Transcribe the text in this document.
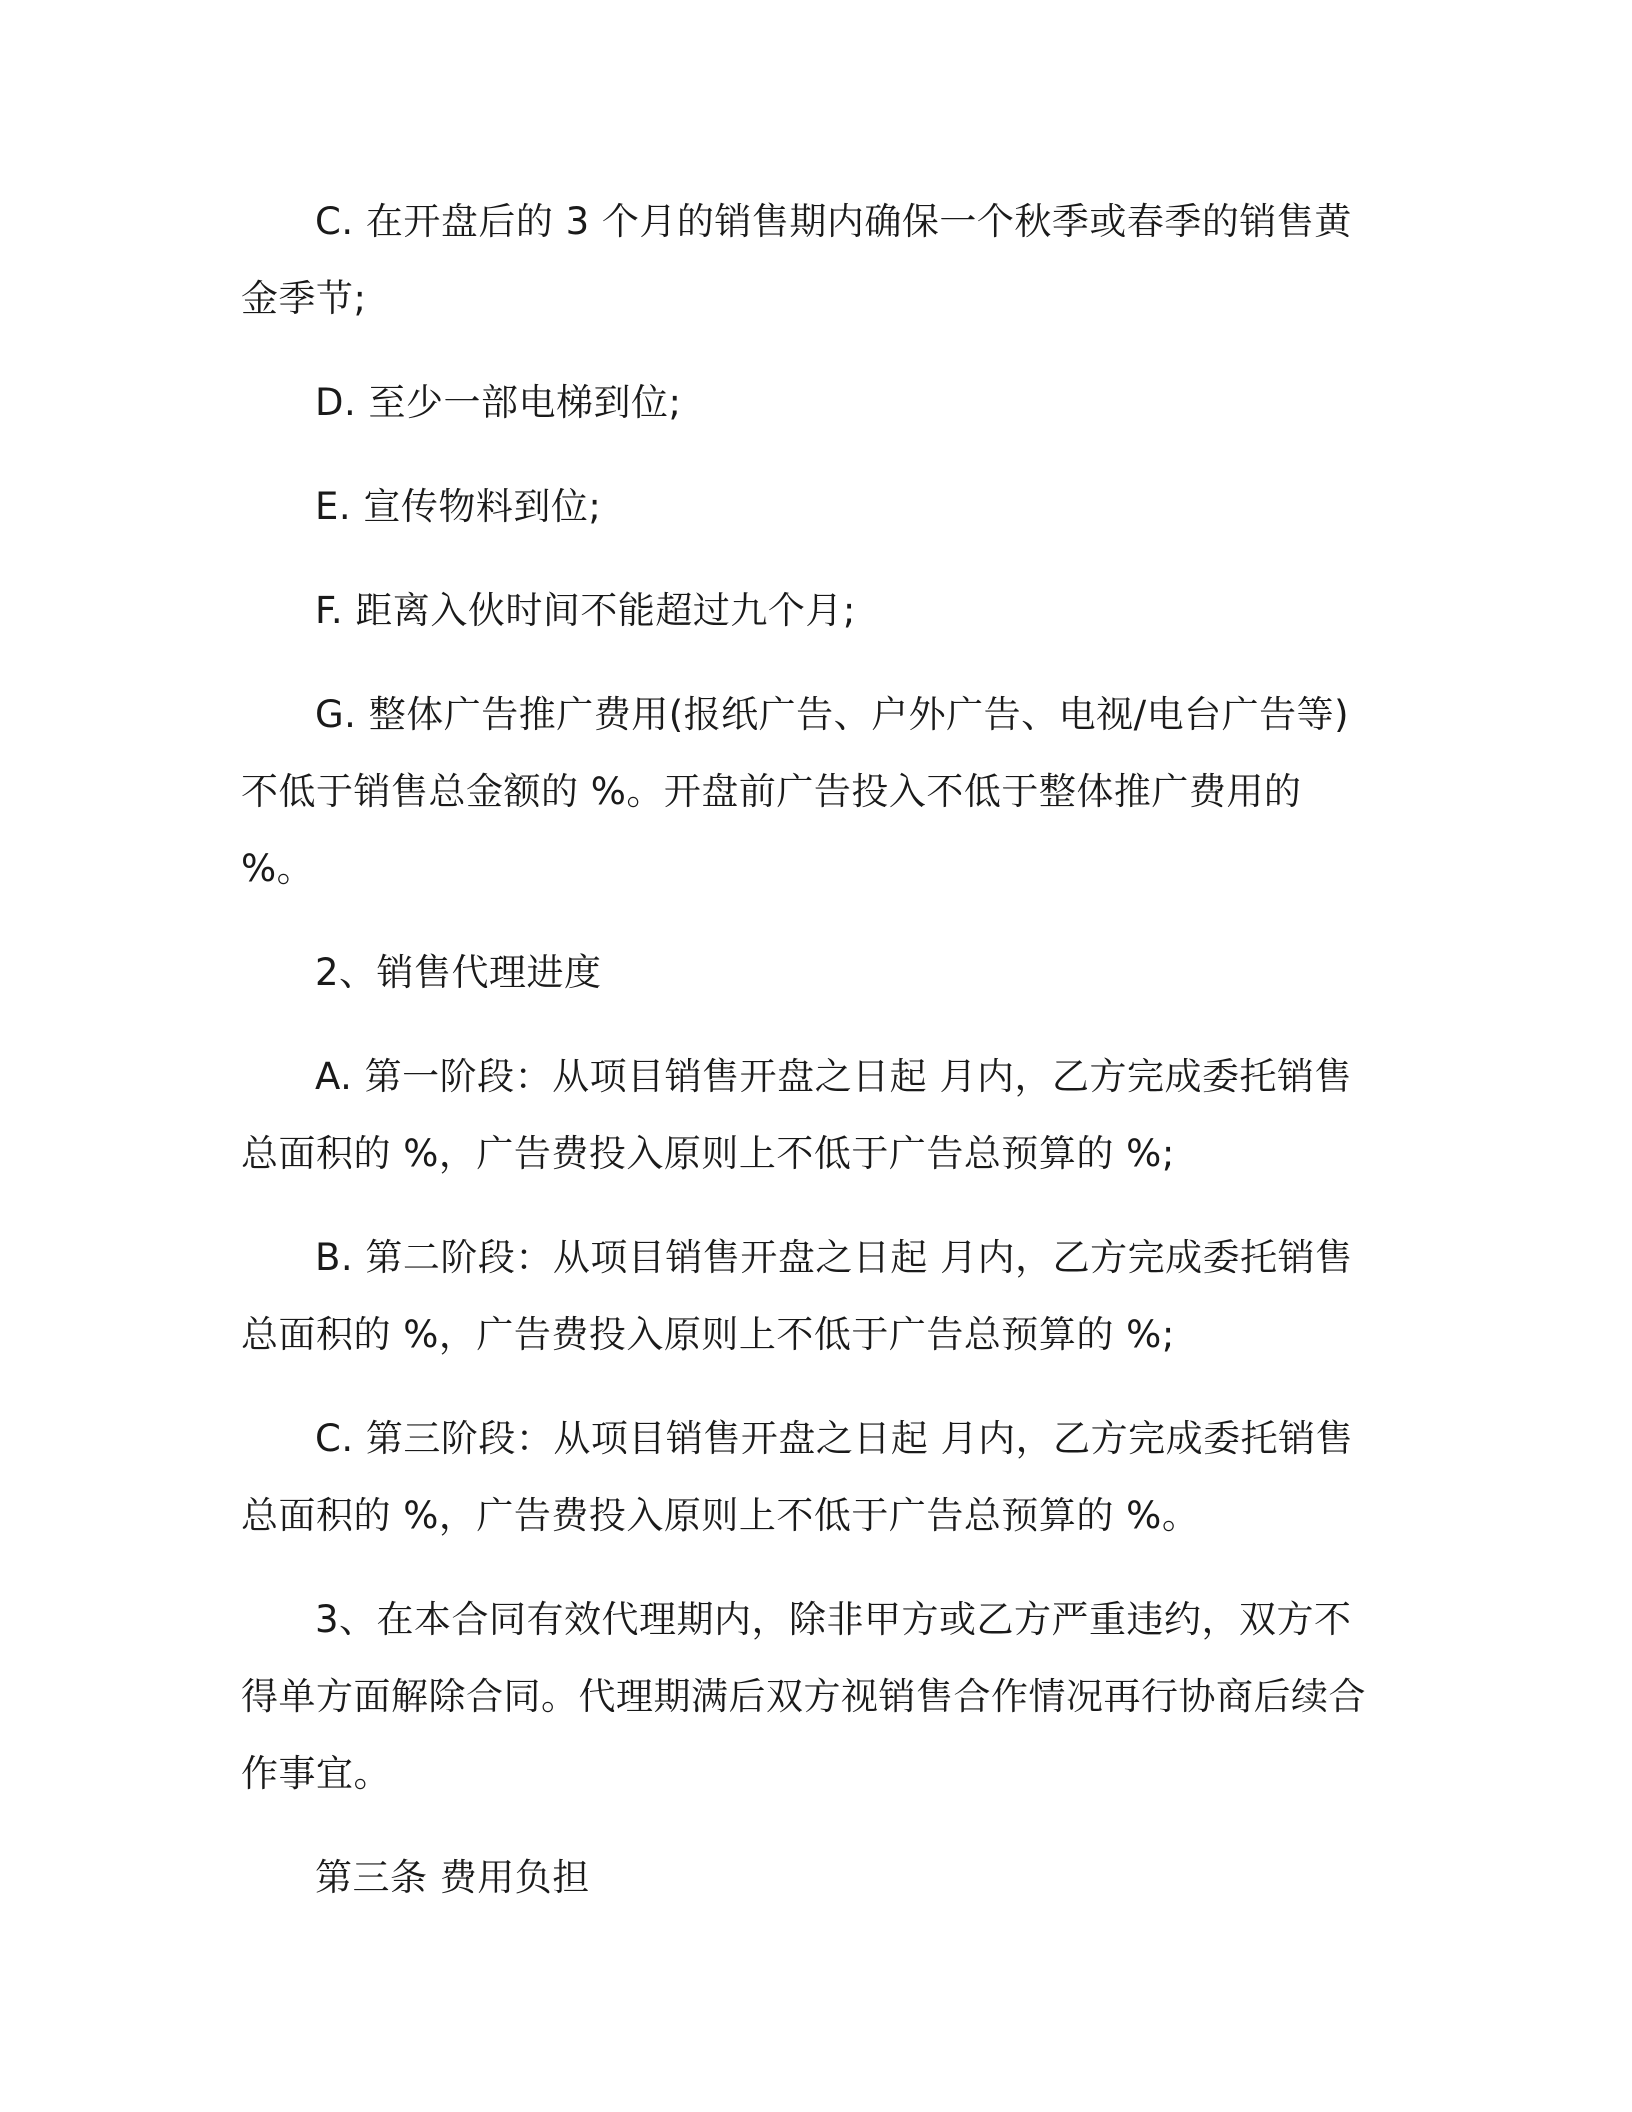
C. 在开盘后的 3 个月的销售期内确保一个秋季或春季的销售黄金季节;

D. 至少一部电梯到位;

E. 宣传物料到位;

F. 距离入伙时间不能超过九个月;

G. 整体广告推广费用(报纸广告、户外广告、电视/电台广告等)不低于销售总金额的 %。开盘前广告投入不低于整体推广费用的 %。

2、销售代理进度

A. 第一阶段：从项目销售开盘之日起 月内，乙方完成委托销售总面积的 %，广告费投入原则上不低于广告总预算的 %;

B. 第二阶段：从项目销售开盘之日起 月内，乙方完成委托销售总面积的 %，广告费投入原则上不低于广告总预算的 %;

C. 第三阶段：从项目销售开盘之日起 月内，乙方完成委托销售总面积的 %，广告费投入原则上不低于广告总预算的 %。

3、在本合同有效代理期内，除非甲方或乙方严重违约，双方不得单方面解除合同。代理期满后双方视销售合作情况再行协商后续合作事宜。

第三条 费用负担
